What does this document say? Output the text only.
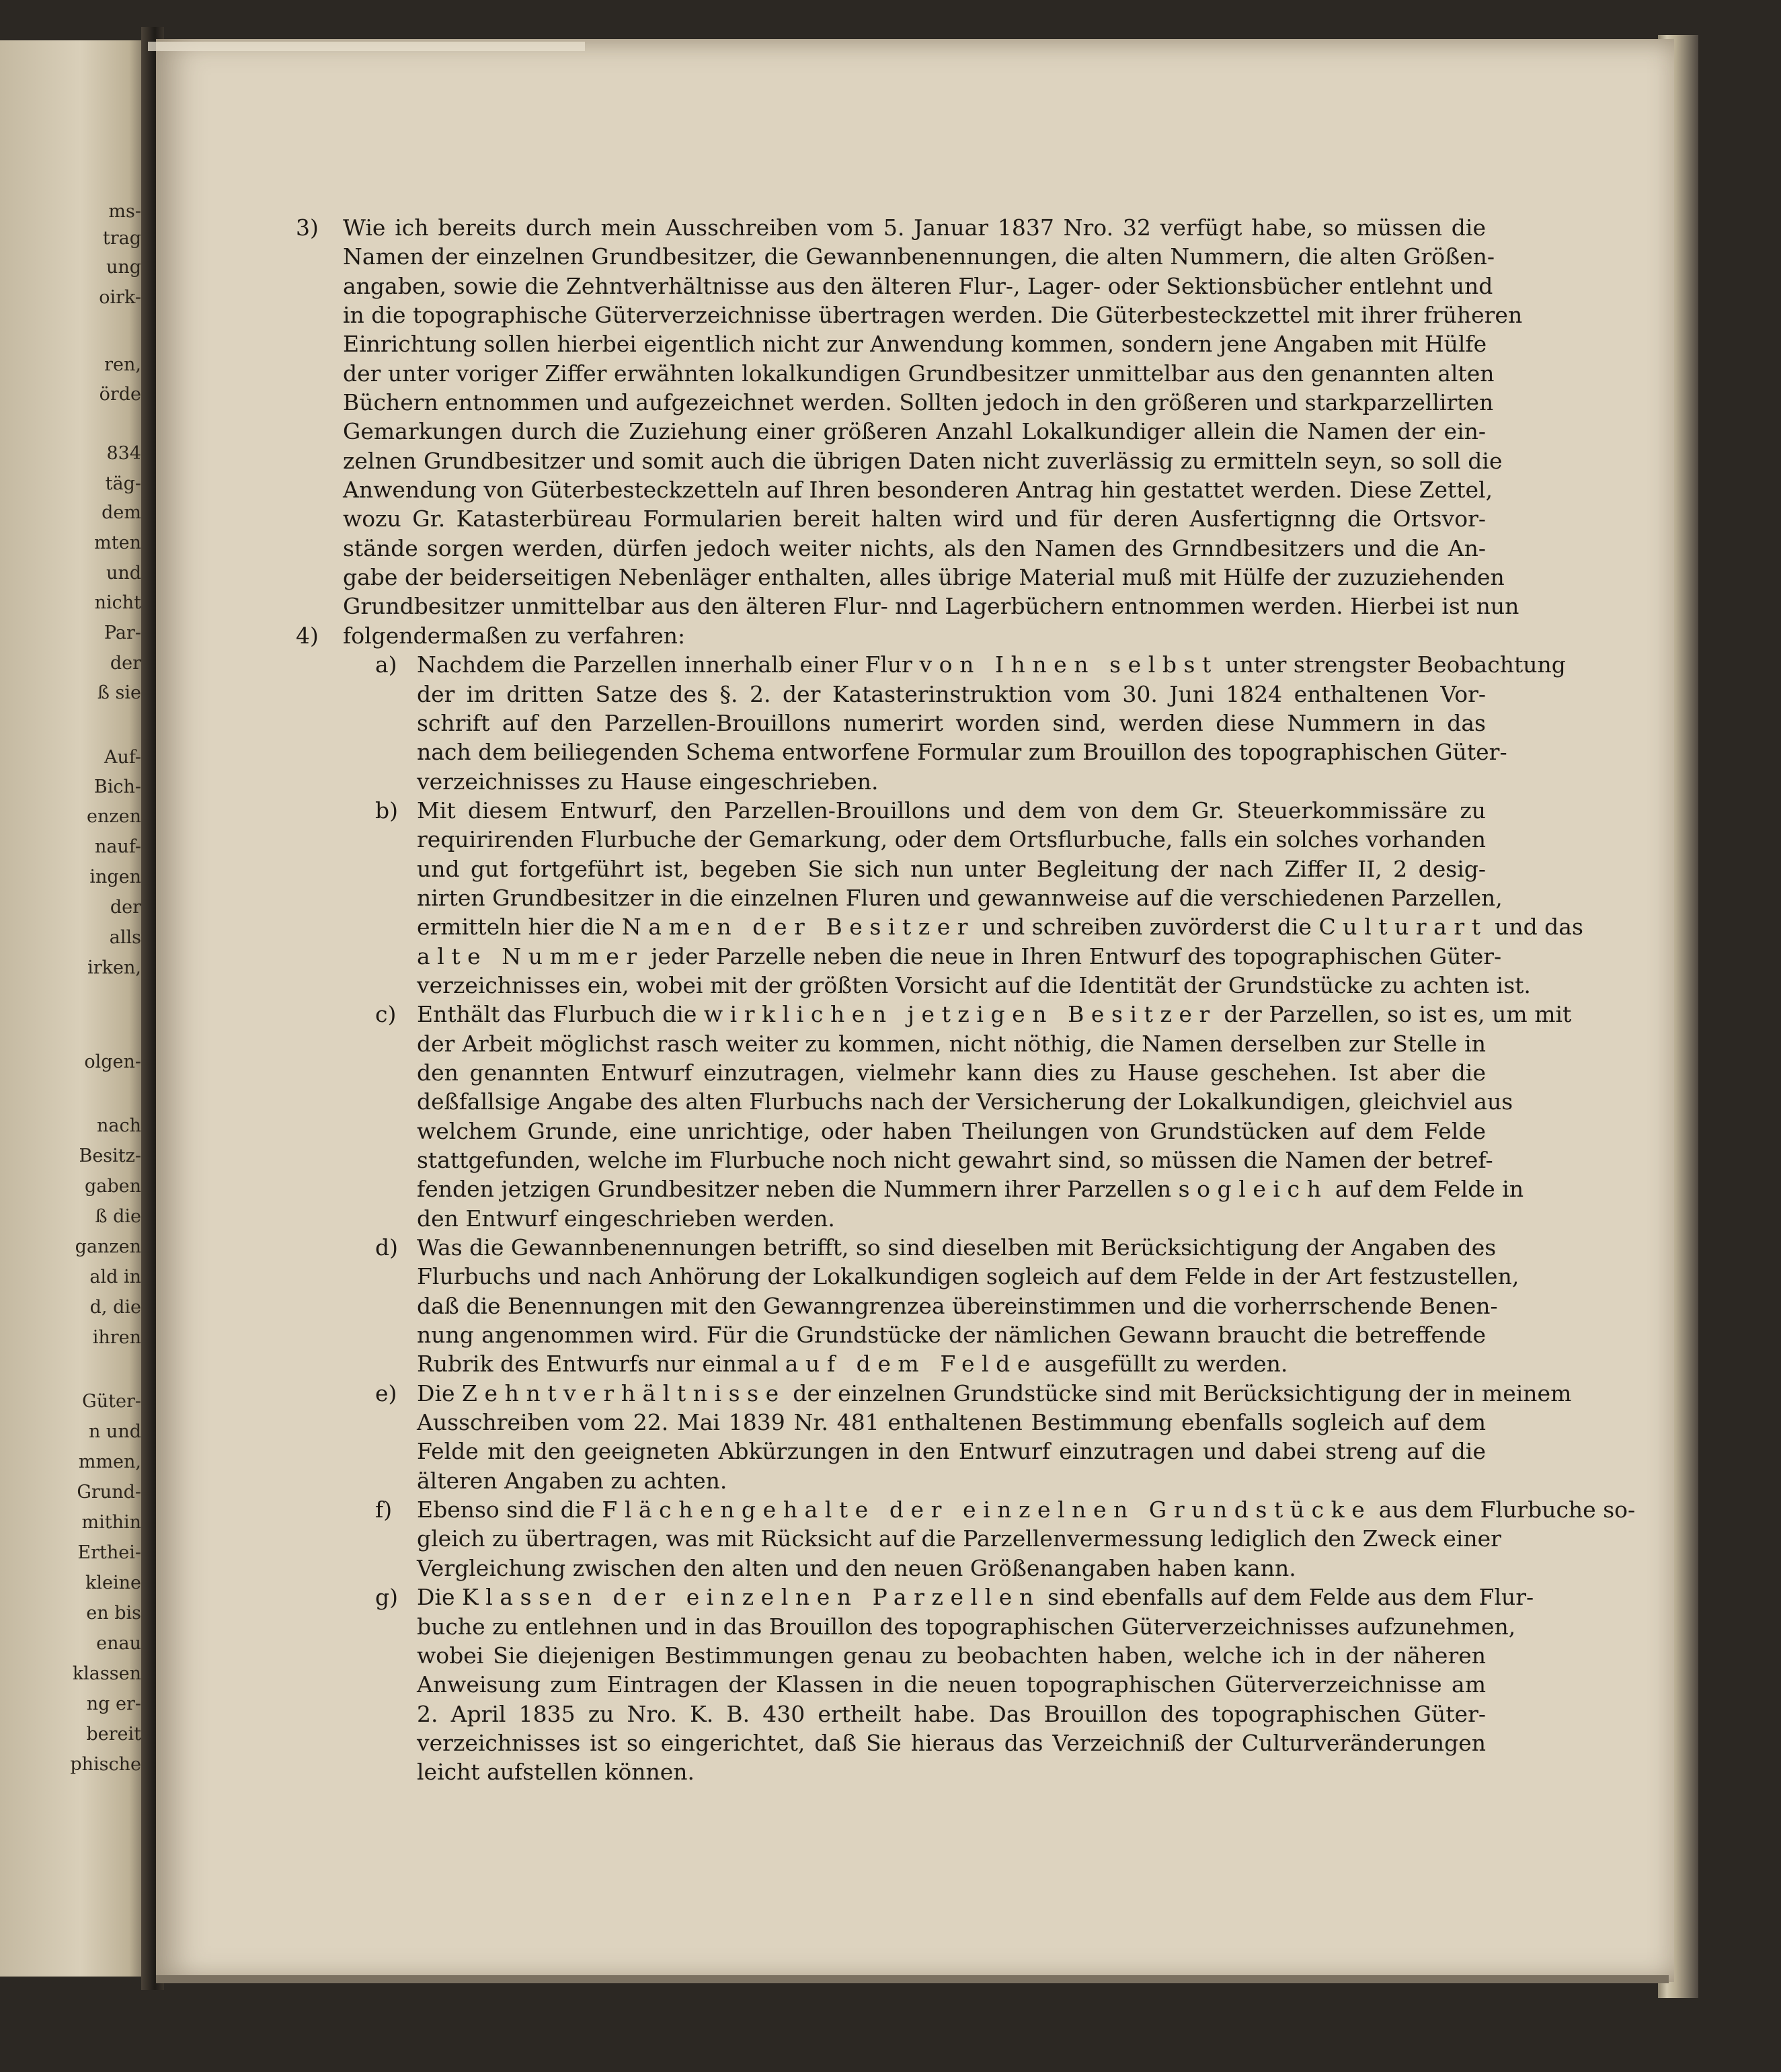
ms-

trag

ung

oirk-

ren,

örde

834

täg-

dem

mten

und

nicht

Par-

der

ß sie

Auf-

Bich-

enzen

nauf-

ingen

der

alls

irken,

olgen-

nach

Besitz-

gaben

ß die

ganzen

ald in

d, die

ihren

Güter-

n und

mmen,

Grund-

mithin

Erthei-

kleine

en bis

enau

klassen

ng er-

bereit

phische

3) Wie ich bereits durch mein Ausschreiben vom 5. Januar 1837 Nro. 32 verfügt habe, so müssen die
Namen der einzelnen Grundbesitzer, die Gewannbenennungen, die alten Nummern, die alten Größen-
angaben, sowie die Zehntverhältnisse aus den älteren Flur-, Lager- oder Sektionsbücher entlehnt und
in die topographische Güterverzeichnisse übertragen werden. Die Güterbesteckzettel mit ihrer früheren
Einrichtung sollen hierbei eigentlich nicht zur Anwendung kommen, sondern jene Angaben mit Hülfe
der unter voriger Ziffer erwähnten lokalkundigen Grundbesitzer unmittelbar aus den genannten alten
Büchern entnommen und aufgezeichnet werden. Sollten jedoch in den größeren und starkparzellirten
Gemarkungen durch die Zuziehung einer größeren Anzahl Lokalkundiger allein die Namen der ein-
zelnen Grundbesitzer und somit auch die übrigen Daten nicht zuverlässig zu ermitteln seyn, so soll die
Anwendung von Güterbesteckzetteln auf Ihren besonderen Antrag hin gestattet werden. Diese Zettel,
wozu Gr. Katasterbüreau Formularien bereit halten wird und für deren Ausfertignng die Ortsvor-
stände sorgen werden, dürfen jedoch weiter nichts, als den Namen des Grnndbesitzers und die An-
gabe der beiderseitigen Nebenläger enthalten, alles übrige Material muß mit Hülfe der zuzuziehenden
Grundbesitzer unmittelbar aus den älteren Flur- nnd Lagerbüchern entnommen werden. Hierbei ist nun
4) folgendermaßen zu verfahren:
a) Nachdem die Parzellen innerhalb einer Flur von Ihnen selbst unter strengster Beobachtung
der im dritten Satze des §. 2. der Katasterinstruktion vom 30. Juni 1824 enthaltenen Vor-
schrift auf den Parzellen-Brouillons numerirt worden sind, werden diese Nummern in das
nach dem beiliegenden Schema entworfene Formular zum Brouillon des topographischen Güter-
verzeichnisses zu Hause eingeschrieben.
b) Mit diesem Entwurf, den Parzellen-Brouillons und dem von dem Gr. Steuerkommissäre zu
requirirenden Flurbuche der Gemarkung, oder dem Ortsflurbuche, falls ein solches vorhanden
und gut fortgeführt ist, begeben Sie sich nun unter Begleitung der nach Ziffer II, 2 desig-
nirten Grundbesitzer in die einzelnen Fluren und gewannweise auf die verschiedenen Parzellen,
ermitteln hier die Namen der Besitzer und schreiben zuvörderst die Culturart und das
alte Nummer jeder Parzelle neben die neue in Ihren Entwurf des topographischen Güter-
verzeichnisses ein, wobei mit der größten Vorsicht auf die Identität der Grundstücke zu achten ist.
c) Enthält das Flurbuch die wirklichen jetzigen Besitzer der Parzellen, so ist es, um mit
der Arbeit möglichst rasch weiter zu kommen, nicht nöthig, die Namen derselben zur Stelle in
den genannten Entwurf einzutragen, vielmehr kann dies zu Hause geschehen. Ist aber die
deßfallsige Angabe des alten Flurbuchs nach der Versicherung der Lokalkundigen, gleichviel aus
welchem Grunde, eine unrichtige, oder haben Theilungen von Grundstücken auf dem Felde
stattgefunden, welche im Flurbuche noch nicht gewahrt sind, so müssen die Namen der betref-
fenden jetzigen Grundbesitzer neben die Nummern ihrer Parzellen sogleich auf dem Felde in
den Entwurf eingeschrieben werden.
d) Was die Gewannbenennungen betrifft, so sind dieselben mit Berücksichtigung der Angaben des
Flurbuchs und nach Anhörung der Lokalkundigen sogleich auf dem Felde in der Art festzustellen,
daß die Benennungen mit den Gewanngrenzea übereinstimmen und die vorherrschende Benen-
nung angenommen wird. Für die Grundstücke der nämlichen Gewann braucht die betreffende
Rubrik des Entwurfs nur einmal auf dem Felde ausgefüllt zu werden.
e) Die Zehntverhältnisse der einzelnen Grundstücke sind mit Berücksichtigung der in meinem
Ausschreiben vom 22. Mai 1839 Nr. 481 enthaltenen Bestimmung ebenfalls sogleich auf dem
Felde mit den geeigneten Abkürzungen in den Entwurf einzutragen und dabei streng auf die
älteren Angaben zu achten.
f) Ebenso sind die Flächengehalte der einzelnen Grundstücke aus dem Flurbuche so-
gleich zu übertragen, was mit Rücksicht auf die Parzellenvermessung lediglich den Zweck einer
Vergleichung zwischen den alten und den neuen Größenangaben haben kann.
g) Die Klassen der einzelnen Parzellen sind ebenfalls auf dem Felde aus dem Flur-
buche zu entlehnen und in das Brouillon des topographischen Güterverzeichnisses aufzunehmen,
wobei Sie diejenigen Bestimmungen genau zu beobachten haben, welche ich in der näheren
Anweisung zum Eintragen der Klassen in die neuen topographischen Güterverzeichnisse am
2. April 1835 zu Nro. K. B. 430 ertheilt habe. Das Brouillon des topographischen Güter-
verzeichnisses ist so eingerichtet, daß Sie hieraus das Verzeichniß der Culturveränderungen
leicht aufstellen können.
